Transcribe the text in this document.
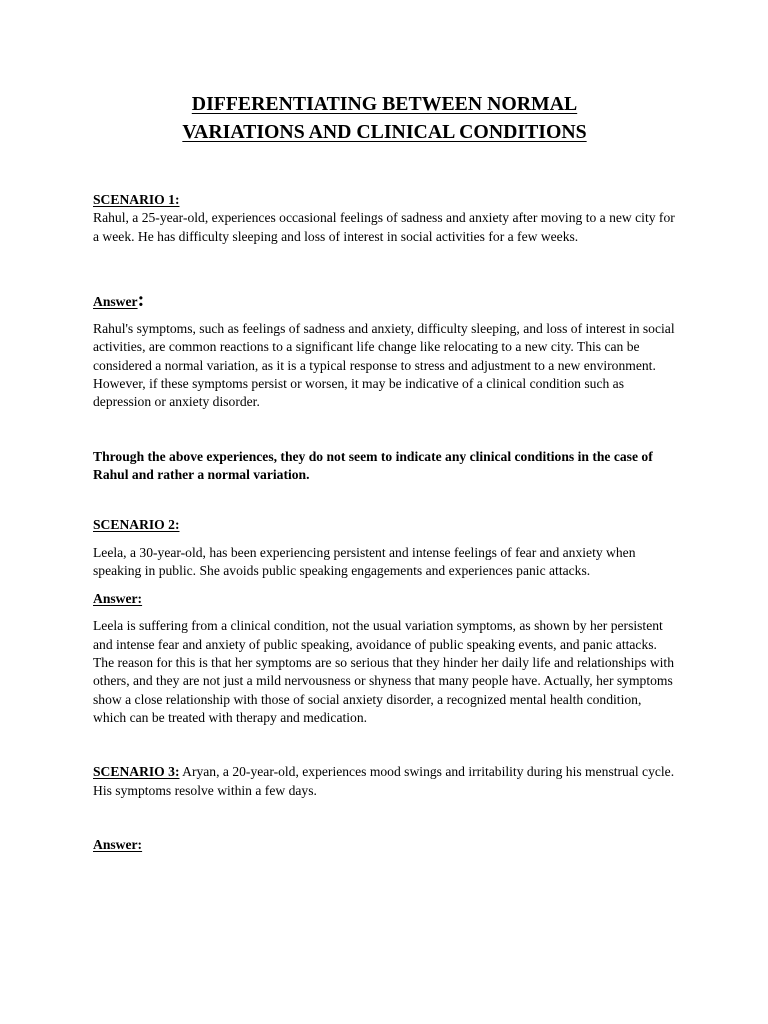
DIFFERENTIATING BETWEEN NORMAL
VARIATIONS AND CLINICAL CONDITIONS
SCENARIO 1:

Rahul, a 25-year-old, experiences occasional feelings of sadness and anxiety after moving to a new city for a week. He has difficulty sleeping and loss of interest in social activities for a few weeks.

Answer:

Rahul's symptoms, such as feelings of sadness and anxiety, difficulty sleeping, and loss of interest in social activities, are common reactions to a significant life change like relocating to a new city. This can be considered a normal variation, as it is a typical response to stress and adjustment to a new environment. However, if these symptoms persist or worsen, it may be indicative of a clinical condition such as depression or anxiety disorder.

Through the above experiences, they do not seem to indicate any clinical conditions in the case of Rahul and rather a normal variation.

SCENARIO 2:

Leela, a 30-year-old, has been experiencing persistent and intense feelings of fear and anxiety when speaking in public. She avoids public speaking engagements and experiences panic attacks.

Answer:

Leela is suffering from a clinical condition, not the usual variation symptoms, as shown by her persistent and intense fear and anxiety of public speaking, avoidance of public speaking events, and panic attacks. The reason for this is that her symptoms are so serious that they hinder her daily life and relationships with others, and they are not just a mild nervousness or shyness that many people have. Actually, her symptoms show a close relationship with those of social anxiety disorder, a recognized mental health condition, which can be treated with therapy and medication.

SCENARIO 3: Aryan, a 20-year-old, experiences mood swings and irritability during his menstrual cycle. His symptoms resolve within a few days.

Answer:
